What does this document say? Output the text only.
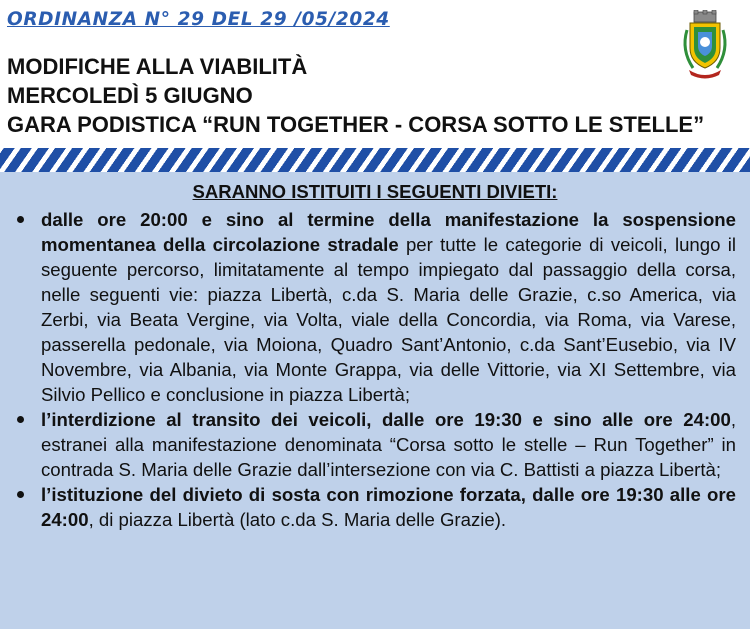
ORDINANZA N° 29 DEL 29 /05/2024
MODIFICHE ALLA VIABILITÀ
MERCOLEDÌ 5 GIUGNO
GARA PODISTICA “RUN TOGETHER - CORSA SOTTO LE STELLE”
SARANNO ISTITUITI I SEGUENTI DIVIETI:
dalle ore 20:00 e sino al termine della manifestazione la sospensione momentanea della circolazione stradale per tutte le categorie di veicoli, lungo il seguente percorso, limitatamente al tempo impiegato dal passaggio della corsa, nelle seguenti vie: piazza Libertà, c.da S. Maria delle Grazie, c.so America, via Zerbi, via Beata Vergine, via Volta, viale della Concordia, via Roma, via Varese, passerella pedonale, via Moiona, Quadro Sant’Antonio, c.da Sant’Eusebio, via IV Novembre, via Albania, via Monte Grappa, via delle Vittorie, via XI Settembre, via Silvio Pellico e conclusione in piazza Libertà;
l’interdizione al transito dei veicoli, dalle ore 19:30 e sino alle ore 24:00, estranei alla manifestazione denominata “Corsa sotto le stelle – Run Together” in contrada S. Maria delle Grazie dall’intersezione con via C. Battisti a piazza Libertà;
l’istituzione del divieto di sosta con rimozione forzata, dalle ore 19:30 alle ore 24:00, di piazza Libertà (lato c.da S. Maria delle Grazie).
